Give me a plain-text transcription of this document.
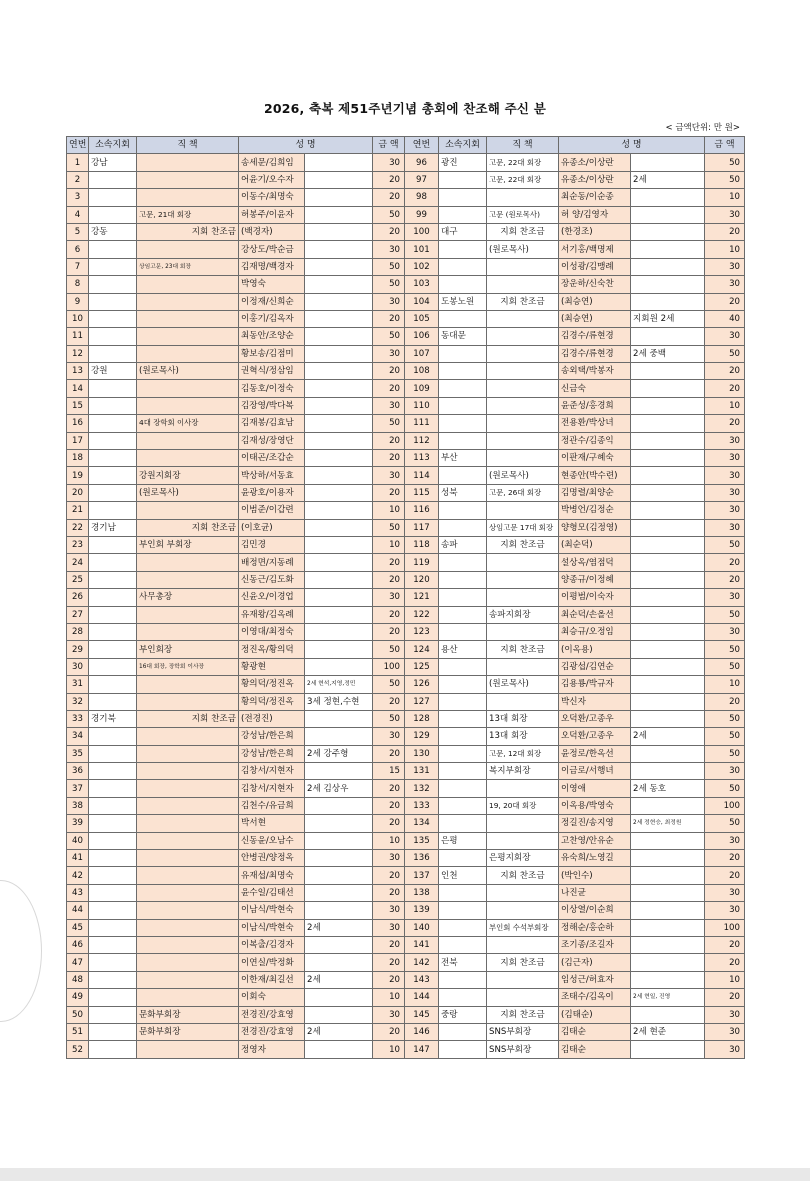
2026, 축복 제51주년기념 총회에 찬조해 주신 분
< 금액단위: 만 원>
연번	소속지회	직 책	성 명		금 액	연번	소속지회	직 책	성 명		금 액
1	강남		송세문/김희임		30	96	광진	고문, 22대 회장	유종소/이상란		50
2			어윤기/오수자		20	97		고문, 22대 회장	유종소/이상란	2세	50
3			이동수/최명숙		20	98			최순동/이순종		10
4		고문, 21대 회장	허봉주/이윤자		50	99		고문 (원로목사)	허 양/김영자		30
5	강동	지회 찬조금	(백경자)		20	100	대구	지회 찬조금	(한경조)		20
6			강상도/박순금		30	101		(원로목사)	서기홍/백명제		10
7		상임고문, 23대 회장	김재명/백경자		50	102			이성광/김맹례		30
8			박영숙		50	103			장운하/신숙찬		30
9			이정재/신희순		30	104	도봉노원	지회 찬조금	(최승연)		20
10			이홍기/김옥자		20	105			(최승연)	지회원 2세	40
11			최동안/조양순		50	106	동대문		김경수/류현경		30
12			황보송/김점미		30	107			김경수/류현경	2세 중백	50
13	강원	(원로목사)	권혁식/정삼임		20	108			송외택/박봉자		20
14			김동호/이정숙		20	109			신금숙		20
15			김장영/박다복		30	110			윤준성/홍경희		10
16		4대 장학회 이사장	김재봉/김효남		50	111			전용환/박상녀		20
17			김재성/장영단		20	112			정관수/김종익		30
18			이태곤/조갑순		20	113	부산		이판재/구혜숙		30
19		강원지회장	박상하/서동효		30	114		(원로목사)	현종안(박수련)		30
20		(원로목사)	윤광호/이용자		20	115	성북	고문, 26대 회장	김명렬/최양순		30
21			이범준/이갑련		10	116			박병언/김정순		30
22	경기남	지회 찬조금	(이호균)		50	117		상임고문 17대 회장	양형모(김정영)		30
23		부인회 부회장	김민경		10	118	송파	지회 찬조금	(최순덕)		50
24			배정면/지동례		20	119			설상옥/염점덕		20
25			신동근/김도화		20	120			양종규/이정혜		20
26		사무총장	신윤오/이경업		30	121			이평범/이숙자		30
27			유재왕/김옥례		20	122		송파지회장	최순덕/손올선		50
28			이영대/최정숙		20	123			최승규/오정임		30
29		부인회장	정진옥/황의덕		50	124	용산	지회 찬조금	(이옥용)		50
30		16대 회장, 장학회 이사장	황광현		100	125			김광섭/김연순		50
31			황의덕/정진옥	2세 현석,지영,정민	50	126		(원로목사)	김용룡/박규자		10
32			황의덕/정진옥	3세 정현,수현	20	127			박신자		20
33	경기북	지회 찬조금	(전경진)		50	128		13대 회장	오덕환/고종우		50
34			강성남/한은희		30	129		13대 회장	오덕환/고종우	2세	50
35			강성남/한은희	2세 강주형	20	130		고문, 12대 회장	윤정로/한옥선		50
36			김창서/지현자		15	131		복지부회장	이금로/서행녀		30
37			김창서/지현자	2세 김상우	20	132			이영애	2세 동호	50
38			김천수/유금희		20	133		19, 20대 회장	이옥용/박영숙		100
39			박서현		20	134			정길진/송지영	2세 정현승, 최정원	50
40			신동윤/오남수		10	135	은평		고찬영/안유순		30
41			안병권/양정옥		30	136		은평지회장	유숙희/노영길		20
42			유재섭/최명숙		20	137	인천	지회 찬조금	(박인수)		20
43			윤수일/김태선		20	138			나진균		30
44			이남식/박현숙		30	139			이상열/이순희		30
45			이남식/박현숙	2세	30	140		부인회 수석부회장	정해순/홍순하		100
46			이복출/김경자		20	141			조기종/조길자		20
47			이연실/박정화		20	142	전북	지회 찬조금	(김근자)		20
48			이한재/최길선	2세	20	143			임성근/허효자		10
49			이회숙		10	144			조태수/김옥이	2세 현일, 진영	20
50		문화부회장	전경진/강효영		30	145	중랑	지회 찬조금	(김태순)		30
51		문화부회장	전경진/강효영	2세	20	146		SNS부회장	김태순	2세 현준	30
52			정영자		10	147		SNS부회장	김태순		30
